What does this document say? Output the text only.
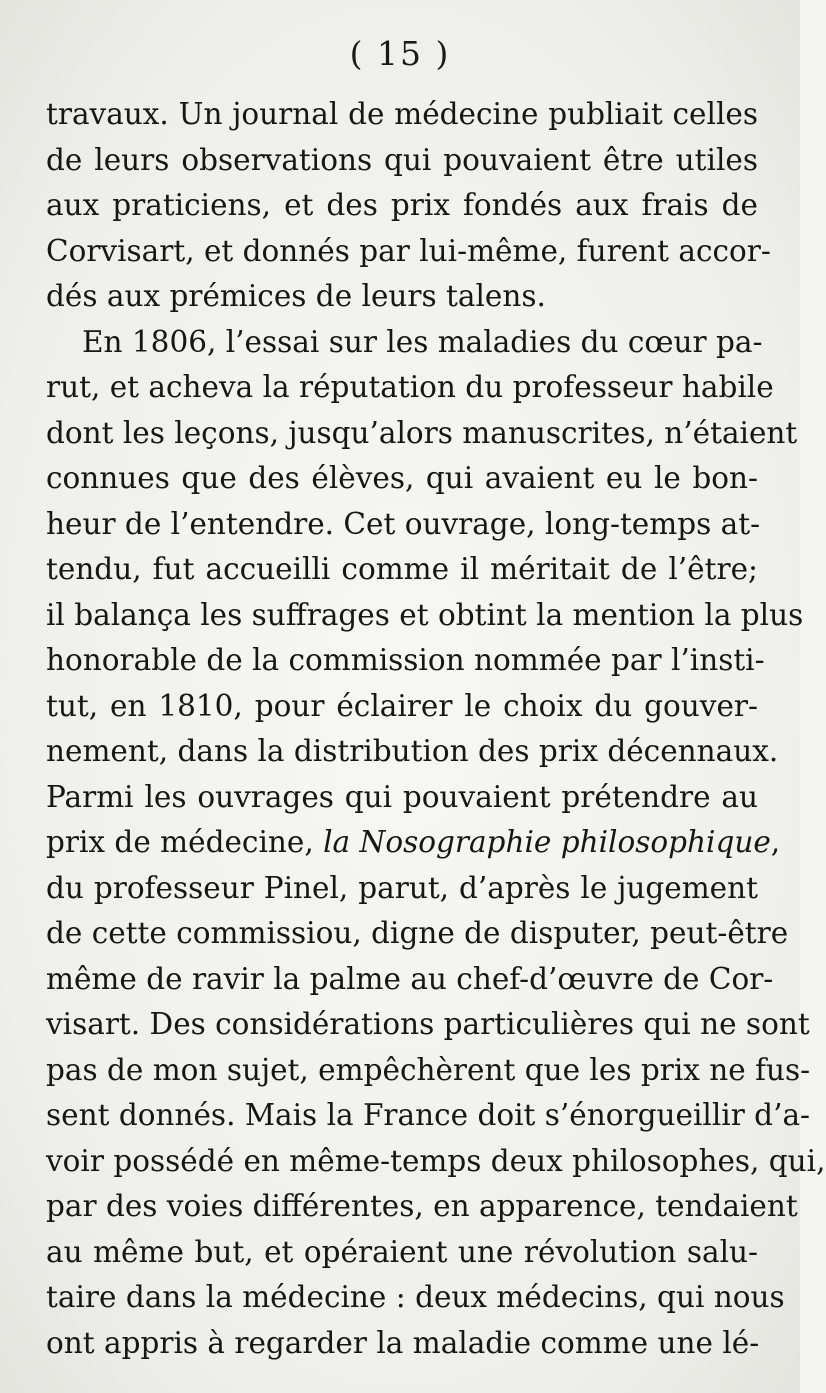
( 15 )
travaux. Un journal de médecine publiait celles
de leurs observations qui pouvaient être utiles
aux praticiens, et des prix fondés aux frais de
Corvisart, et donnés par lui-même, furent accor-
dés aux prémices de leurs talens.
En 1806, l’essai sur les maladies du cœur pa-
rut, et acheva la réputation du professeur habile
dont les leçons, jusqu’alors manuscrites, n’étaient
connues que des élèves, qui avaient eu le bon-
heur de l’entendre. Cet ouvrage, long-temps at-
tendu, fut accueilli comme il méritait de l’être;
il balança les suffrages et obtint la mention la plus
honorable de la commission nommée par l’insti-
tut, en 1810, pour éclairer le choix du gouver-
nement, dans la distribution des prix décennaux.
Parmi les ouvrages qui pouvaient prétendre au
prix de médecine, la Nosographie philosophique,
du professeur Pinel, parut, d’après le jugement
de cette commissiou, digne de disputer, peut-être
même de ravir la palme au chef-d’œuvre de Cor-
visart. Des considérations particulières qui ne sont
pas de mon sujet, empêchèrent que les prix ne fus-
sent donnés. Mais la France doit s’énorgueillir d’a-
voir possédé en même-temps deux philosophes, qui,
par des voies différentes, en apparence, tendaient
au même but, et opéraient une révolution salu-
taire dans la médecine : deux médecins, qui nous
ont appris à regarder la maladie comme une lé-
